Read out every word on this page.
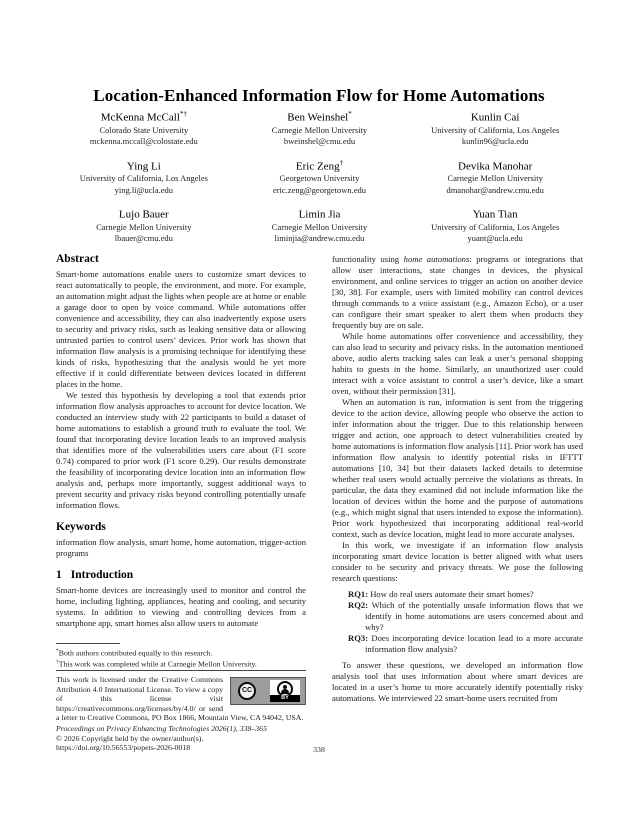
Location-Enhanced Information Flow for Home Automations
McKenna McCall*†
Colorado State University
mckenna.mccall@colostate.edu
Ben Weinshel*
Carnegie Mellon University
bweinshel@cmu.edu
Kunlin Cai
University of California, Los Angeles
kunlin96@ucla.edu
Ying Li
University of California, Los Angeles
ying.li@ucla.edu
Eric Zeng†
Georgetown University
eric.zeng@georgetown.edu
Devika Manohar
Carnegie Mellon University
dmanohar@andrew.cmu.edu
Lujo Bauer
Carnegie Mellon University
lbauer@cmu.edu
Limin Jia
Carnegie Mellon University
liminjia@andrew.cmu.edu
Yuan Tian
University of California, Los Angeles
yuant@ucla.edu
Abstract

Smart-home automations enable users to customize smart devices to react automatically to people, the environment, and more. For example, an automation might adjust the lights when people are at home or enable a garage door to open by voice command. While automations offer convenience and accessibility, they can also inadvertently expose users to security and privacy risks, such as leaking sensitive data or allowing untrusted parties to control users’ devices. Prior work has shown that information flow analysis is a promising technique for identifying these kinds of risks, hypothesizing that the analysis would be yet more effective if it could differentiate between devices located in different places in the home.

We tested this hypothesis by developing a tool that extends prior information flow analysis approaches to account for device location. We conducted an interview study with 22 participants to build a dataset of home automations to establish a ground truth to evaluate the tool. We found that incorporating device location leads to an improved analysis that identifies more of the vulnerabilities users care about (F1 score 0.74) compared to prior work (F1 score 0.29). Our results demonstrate the feasibility of incorporating device location into an information flow analysis and, perhaps more importantly, suggest additional ways to prevent security and privacy risks beyond controlling potentially unsafe information flows.

Keywords

information flow analysis, smart home, home automation, trigger-action programs

1 Introduction

Smart-home devices are increasingly used to monitor and control the home, including lighting, appliances, heating and cooling, and security systems. In addition to viewing and controlling devices from a smartphone app, smart homes also allow users to automate

functionality using home automations: programs or integrations that allow user interactions, state changes in devices, the physical environment, and online services to trigger an action on another device [30, 38]. For example, users with limited mobility can control devices through commands to a voice assistant (e.g., Amazon Echo), or a user can configure their smart speaker to alert them when products they frequently buy are on sale.

While home automations offer convenience and accessibility, they can also lead to security and privacy risks. In the automation mentioned above, audio alerts tracking sales can leak a user’s personal shopping habits to guests in the home. Similarly, an unauthorized user could interact with a voice assistant to control a user’s device, like a smart oven, without their permission [31].

When an automation is run, information is sent from the triggering device to the action device, allowing people who observe the action to infer information about the trigger. Due to this relationship between trigger and action, one approach to detect vulnerabilities created by home automations is information flow analysis [11]. Prior work has used information flow analysis to identify potential risks in IFTTT automations [10, 34] but their datasets lacked details to determine whether real users would actually perceive the violations as threats. In particular, the data they examined did not include information like the location of devices within the home and the purpose of automations (e.g., which might signal that users intended to expose the information). Prior work hypothesized that incorporating additional real-world context, such as device location, might lead to more accurate analyses.

In this work, we investigate if an information flow analysis incorporating smart device location is better aligned with what users consider to be security and privacy threats. We pose the following research questions:

RQ1: How do real users automate their smart homes?

RQ2: Which of the potentially unsafe information flows that we identify in home automations are users concerned about and why?

RQ3: Does incorporating device location lead to a more accurate information flow analysis?

To answer these questions, we developed an information flow analysis tool that uses information about where smart devices are located in a user’s home to more accurately identify potentially risky automations. We interviewed 22 smart-home users recruited from

*Both authors contributed equally to this research.

†This work was completed while at Carnegie Mellon University.

CC
BY

This work is licensed under the Creative Commons Attribution 4.0 International License. To view a copy of this license visit https://creativecommons.org/licenses/by/4.0/ or send a letter to Creative Commons, PO Box 1866, Mountain View, CA 94042, USA.

Proceedings on Privacy Enhancing Technologies 2026(1), 338–365

© 2026 Copyright held by the owner/author(s).

https://doi.org/10.56553/popets-2026-0018	338
